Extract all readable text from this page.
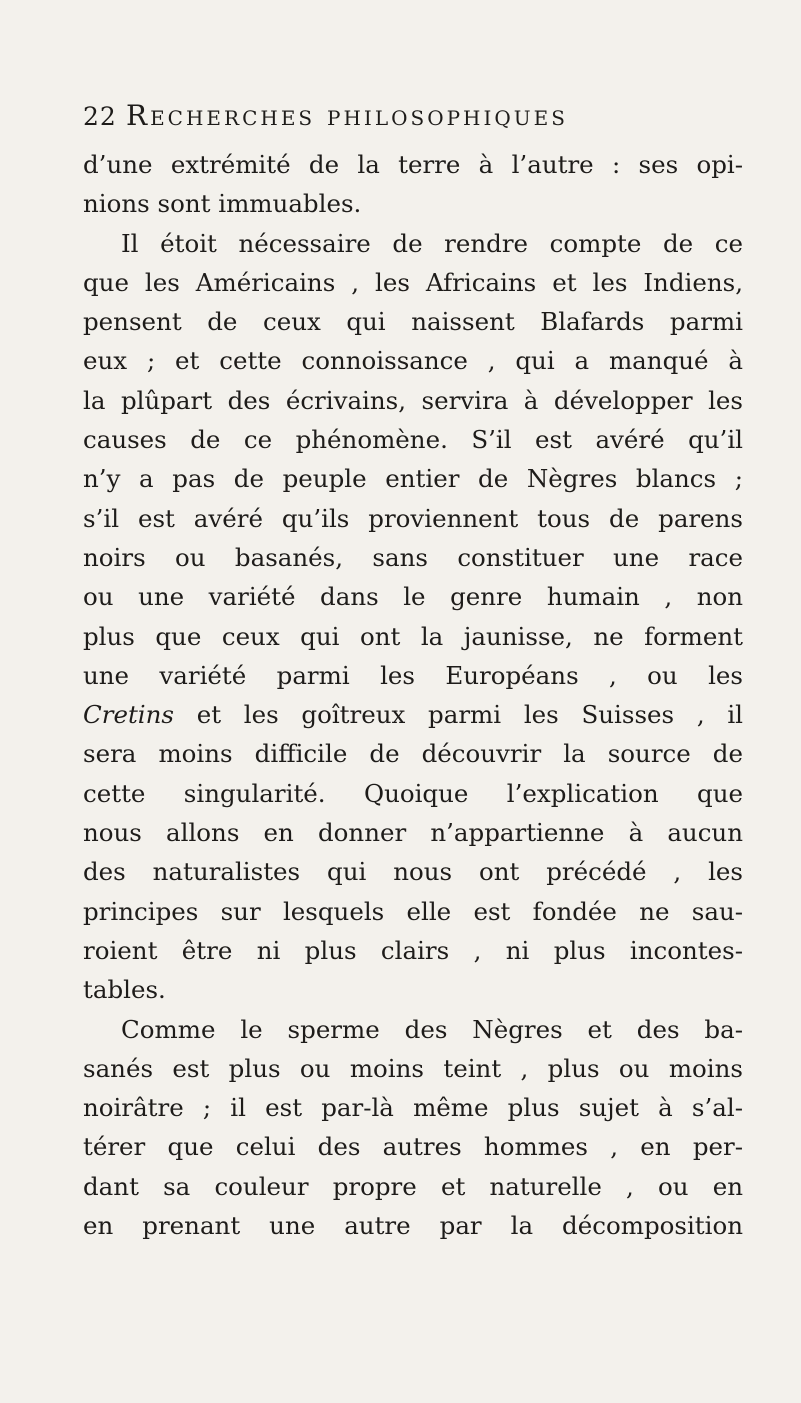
22 Recherches philosophiques
d’une extrémité de la terre à l’autre : ses opi-
nions sont immuables.
Il étoit nécessaire de rendre compte de ce
que les Américains , les Africains et les Indiens,
pensent de ceux qui naissent Blafards parmi
eux ; et cette connoissance , qui a manqué à
la plûpart des écrivains, servira à développer les
causes de ce phénomène. S’il est avéré qu’il
n’y a pas de peuple entier de Nègres blancs ;
s’il est avéré qu’ils proviennent tous de parens
noirs ou basanés, sans constituer une race
ou une variété dans le genre humain , non
plus que ceux qui ont la jaunisse, ne forment
une variété parmi les Européans , ou les
Cretins et les goîtreux parmi les Suisses , il
sera moins difficile de découvrir la source de
cette singularité. Quoique l’explication que
nous allons en donner n’appartienne à aucun
des naturalistes qui nous ont précédé , les
principes sur lesquels elle est fondée ne sau-
roient être ni plus clairs , ni plus incontes-
tables.
Comme le sperme des Nègres et des ba-
sanés est plus ou moins teint , plus ou moins
noirâtre ; il est par-là même plus sujet à s’al-
térer que celui des autres hommes , en per-
dant sa couleur propre et naturelle , ou en
en prenant une autre par la décomposition
